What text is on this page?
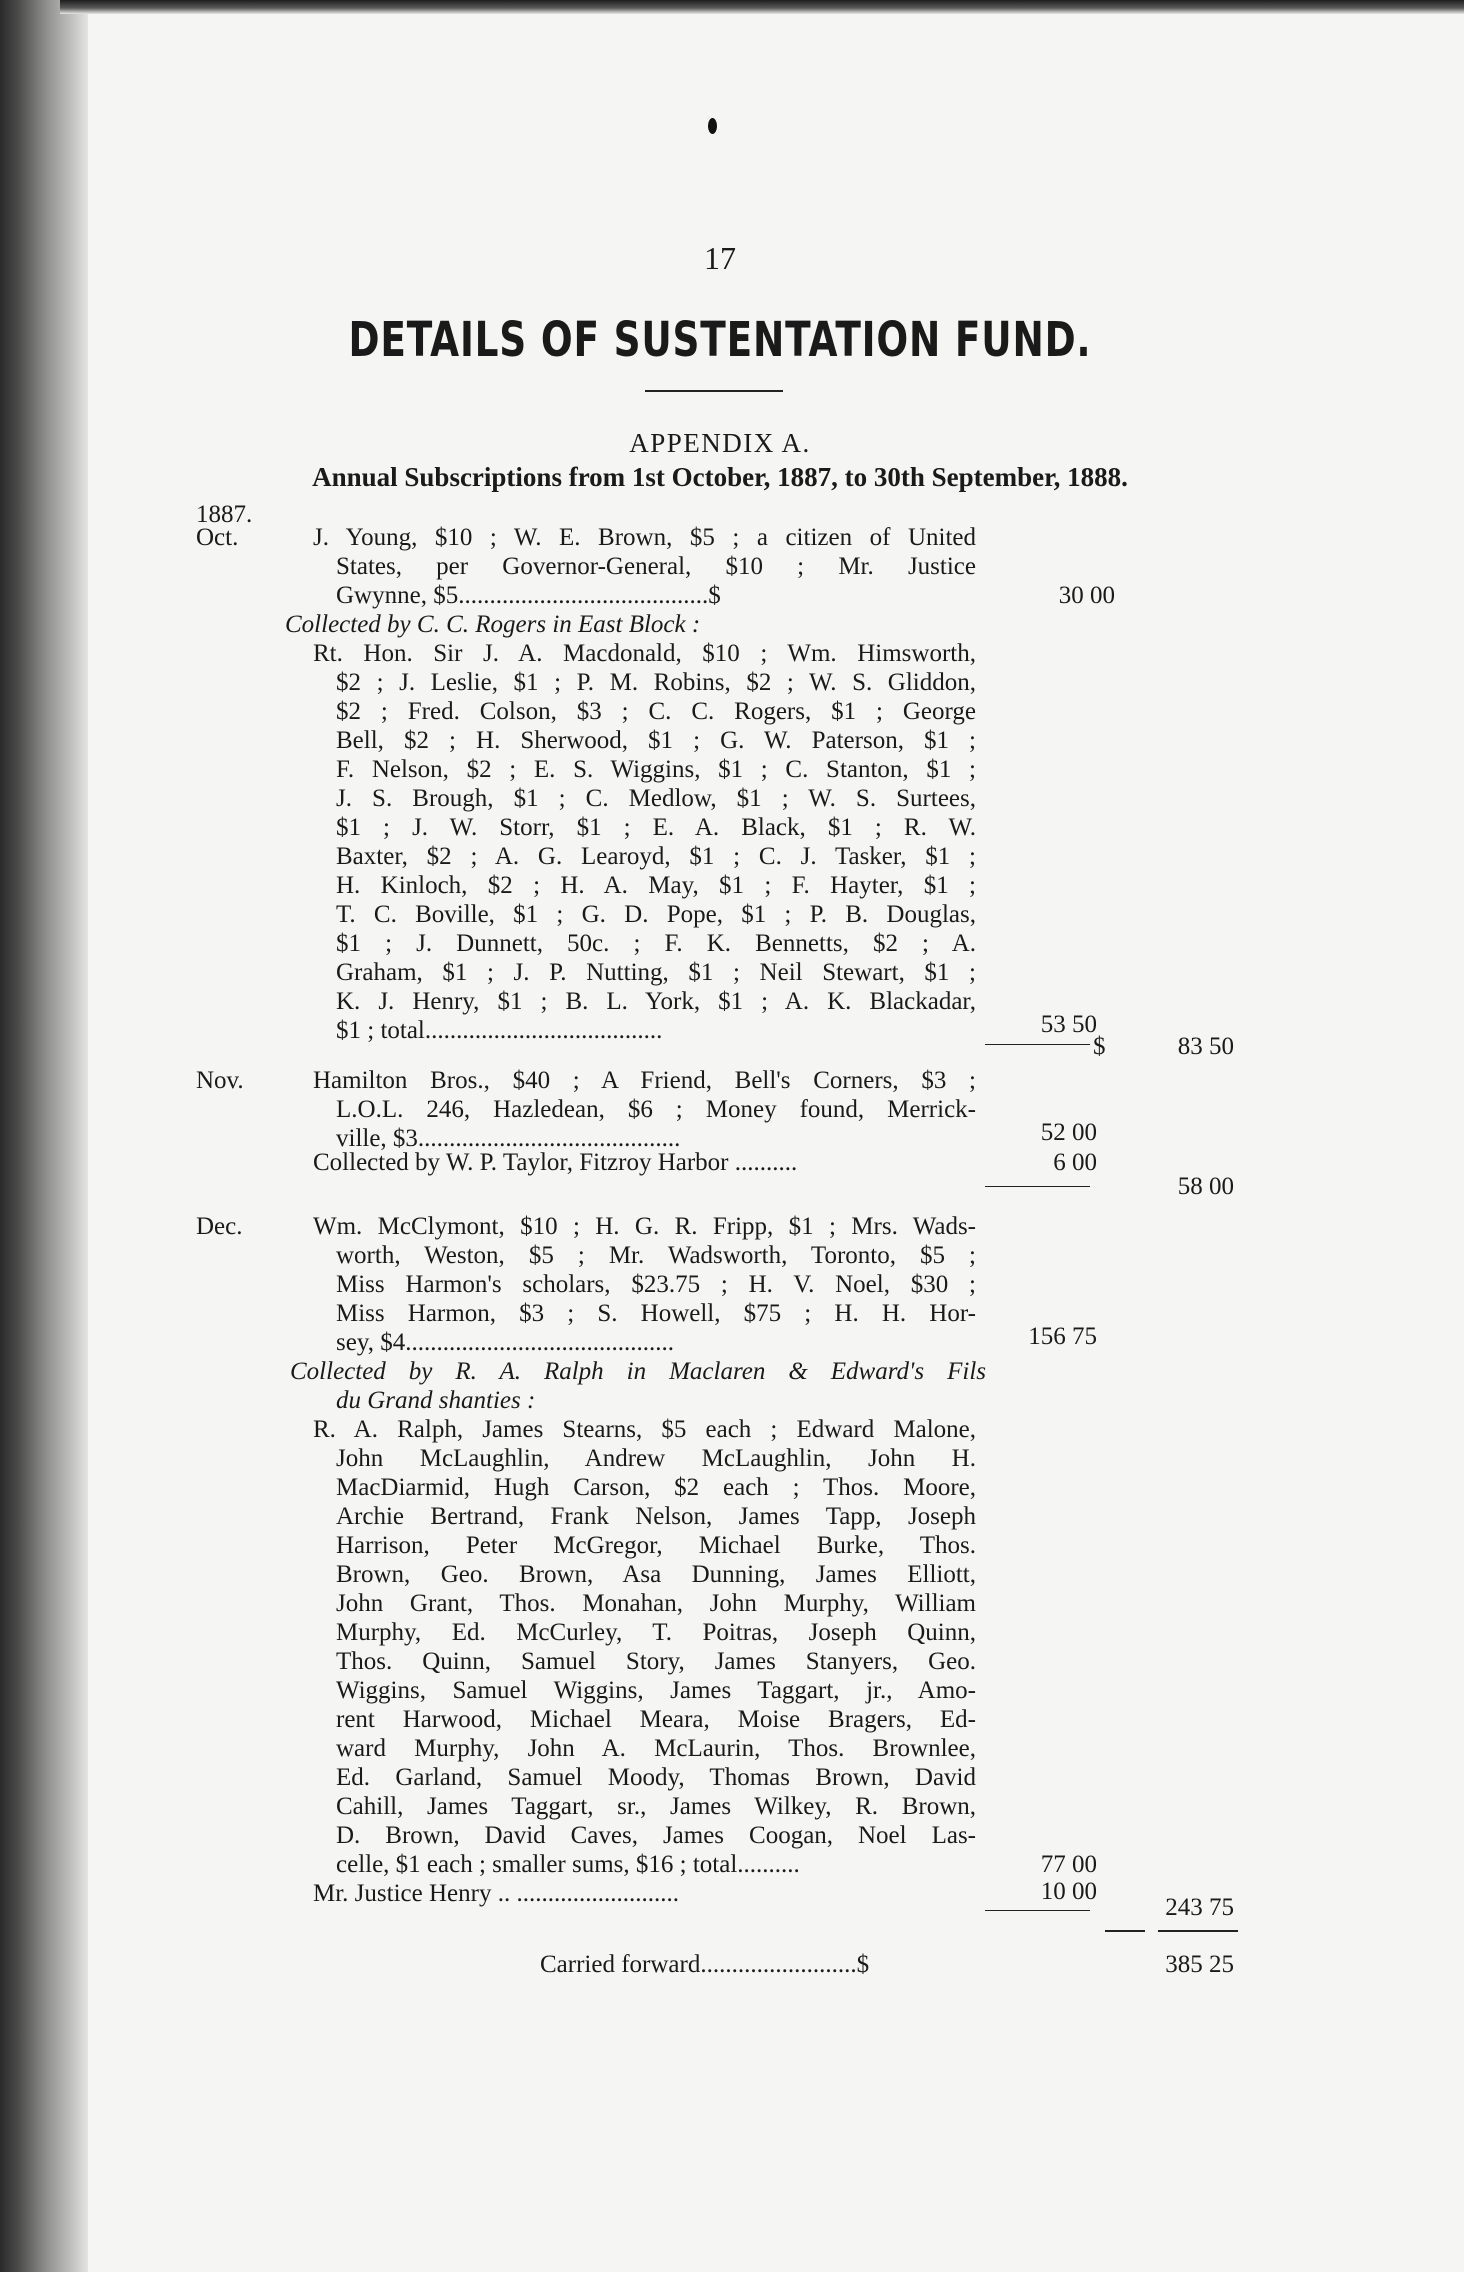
17
DETAILS OF SUSTENTATION FUND.
APPENDIX A.
Annual Subscriptions from 1st October, 1887, to 30th September, 1888.
1887.
Oct.	J. Young, $10 ; W. E. Brown, $5 ; a citizen of United
States, per Governor-General, $10 ; Mr. Justice
Gwynne, $5........................................$	30 00
Collected by C. C. Rogers in East Block :
Rt. Hon. Sir J. A. Macdonald, $10 ; Wm. Himsworth,
$2 ; J. Leslie, $1 ; P. M. Robins, $2 ; W. S. Gliddon,
$2 ; Fred. Colson, $3 ; C. C. Rogers, $1 ; George
Bell, $2 ; H. Sherwood, $1 ; G. W. Paterson, $1 ;
F. Nelson, $2 ; E. S. Wiggins, $1 ; C. Stanton, $1 ;
J. S. Brough, $1 ; C. Medlow, $1 ; W. S. Surtees,
$1 ; J. W. Storr, $1 ; E. A. Black, $1 ; R. W.
Baxter, $2 ; A. G. Learoyd, $1 ; C. J. Tasker, $1 ;
H. Kinloch, $2 ; H. A. May, $1 ; F. Hayter, $1 ;
T. C. Boville, $1 ; G. D. Pope, $1 ; P. B. Douglas,
$1 ; J. Dunnett, 50c. ; F. K. Bennetts, $2 ; A.
Graham, $1 ; J. P. Nutting, $1 ; Neil Stewart, $1 ;
K. J. Henry, $1 ; B. L. York, $1 ; A. K. Blackadar,
$1 ; total......................................	53 50
$	83 50
Nov.	Hamilton Bros., $40 ; A Friend, Bell's Corners, $3 ;
L.O.L. 246, Hazledean, $6 ; Money found, Merrick-
ville, $3..........................................	52 00
Collected by W. P. Taylor, Fitzroy Harbor ..........	6 00
58 00
Dec.	Wm. McClymont, $10 ; H. G. R. Fripp, $1 ; Mrs. Wads-
worth, Weston, $5 ; Mr. Wadsworth, Toronto, $5 ;
Miss Harmon's scholars, $23.75 ; H. V. Noel, $30 ;
Miss Harmon, $3 ; S. Howell, $75 ; H. H. Hor-
sey, $4...........................................	156 75
Collected by R. A. Ralph in Maclaren & Edward's Fils
du Grand shanties :
R. A. Ralph, James Stearns, $5 each ; Edward Malone,
John McLaughlin, Andrew McLaughlin, John H.
MacDiarmid, Hugh Carson, $2 each ; Thos. Moore,
Archie Bertrand, Frank Nelson, James Tapp, Joseph
Harrison, Peter McGregor, Michael Burke, Thos.
Brown, Geo. Brown, Asa Dunning, James Elliott,
John Grant, Thos. Monahan, John Murphy, William
Murphy, Ed. McCurley, T. Poitras, Joseph Quinn,
Thos. Quinn, Samuel Story, James Stanyers, Geo.
Wiggins, Samuel Wiggins, James Taggart, jr., Amo-
rent Harwood, Michael Meara, Moise Bragers, Ed-
ward Murphy, John A. McLaurin, Thos. Brownlee,
Ed. Garland, Samuel Moody, Thomas Brown, David
Cahill, James Taggart, sr., James Wilkey, R. Brown,
D. Brown, David Caves, James Coogan, Noel Las-
celle, $1 each ; smaller sums, $16 ; total..........	77 00
Mr. Justice Henry .. ..........................	10 00
243 75
Carried forward.........................$	385 25
